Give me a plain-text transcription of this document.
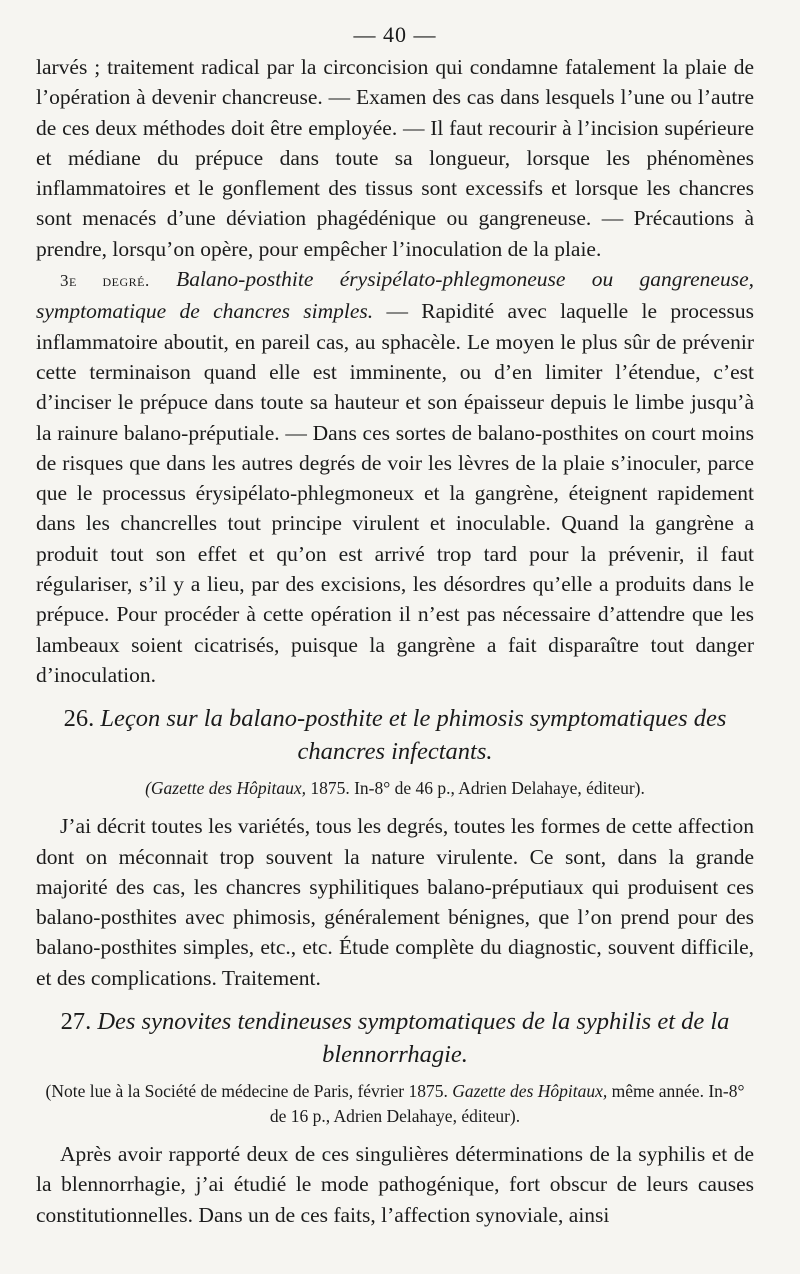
— 40 —

larvés ; traitement radical par la circoncision qui condamne fatalement la plaie de l’opération à devenir chancreuse. — Examen des cas dans lesquels l’une ou l’autre de ces deux méthodes doit être employée. — Il faut recourir à l’incision supérieure et médiane du prépuce dans toute sa longueur, lorsque les phénomènes inflammatoires et le gonflement des tissus sont excessifs et lorsque les chancres sont menacés d’une déviation phagédénique ou gangreneuse. — Précautions à prendre, lorsqu’on opère, pour empêcher l’inoculation de la plaie.

3e degré. Balano-posthite érysipélato-phlegmoneuse ou gangreneuse, symptomatique de chancres simples. — Rapidité avec laquelle le processus inflammatoire aboutit, en pareil cas, au sphacèle. Le moyen le plus sûr de prévenir cette terminaison quand elle est imminente, ou d’en limiter l’étendue, c’est d’inciser le prépuce dans toute sa hauteur et son épaisseur depuis le limbe jusqu’à la rainure balano-préputiale. — Dans ces sortes de balano-posthites on court moins de risques que dans les autres degrés de voir les lèvres de la plaie s’inoculer, parce que le processus érysipélato-phlegmoneux et la gangrène, éteignent rapidement dans les chancrelles tout principe virulent et inoculable. Quand la gangrène a produit tout son effet et qu’on est arrivé trop tard pour la prévenir, il faut régulariser, s’il y a lieu, par des excisions, les désordres qu’elle a produits dans le prépuce. Pour procéder à cette opération il n’est pas nécessaire d’attendre que les lambeaux soient cicatrisés, puisque la gangrène a fait disparaître tout danger d’inoculation.

26. Leçon sur la balano-posthite et le phimosis symptomatiques des chancres infectants.
(Gazette des Hôpitaux, 1875. In-8° de 46 p., Adrien Delahaye, éditeur).

J’ai décrit toutes les variétés, tous les degrés, toutes les formes de cette affection dont on méconnait trop souvent la nature virulente. Ce sont, dans la grande majorité des cas, les chancres syphilitiques balano-préputiaux qui produisent ces balano-posthites avec phimosis, généralement bénignes, que l’on prend pour des balano-posthites simples, etc., etc. Étude complète du diagnostic, souvent difficile, et des complications. Traitement.

27. Des synovites tendineuses symptomatiques de la syphilis et de la blennorrhagie.
(Note lue à la Société de médecine de Paris, février 1875. Gazette des Hôpitaux, même année. In-8° de 16 p., Adrien Delahaye, éditeur).

Après avoir rapporté deux de ces singulières déterminations de la syphilis et de la blennorrhagie, j’ai étudié le mode pathogénique, fort obscur de leurs causes constitutionnelles. Dans un de ces faits, l’affection synoviale, ainsi
